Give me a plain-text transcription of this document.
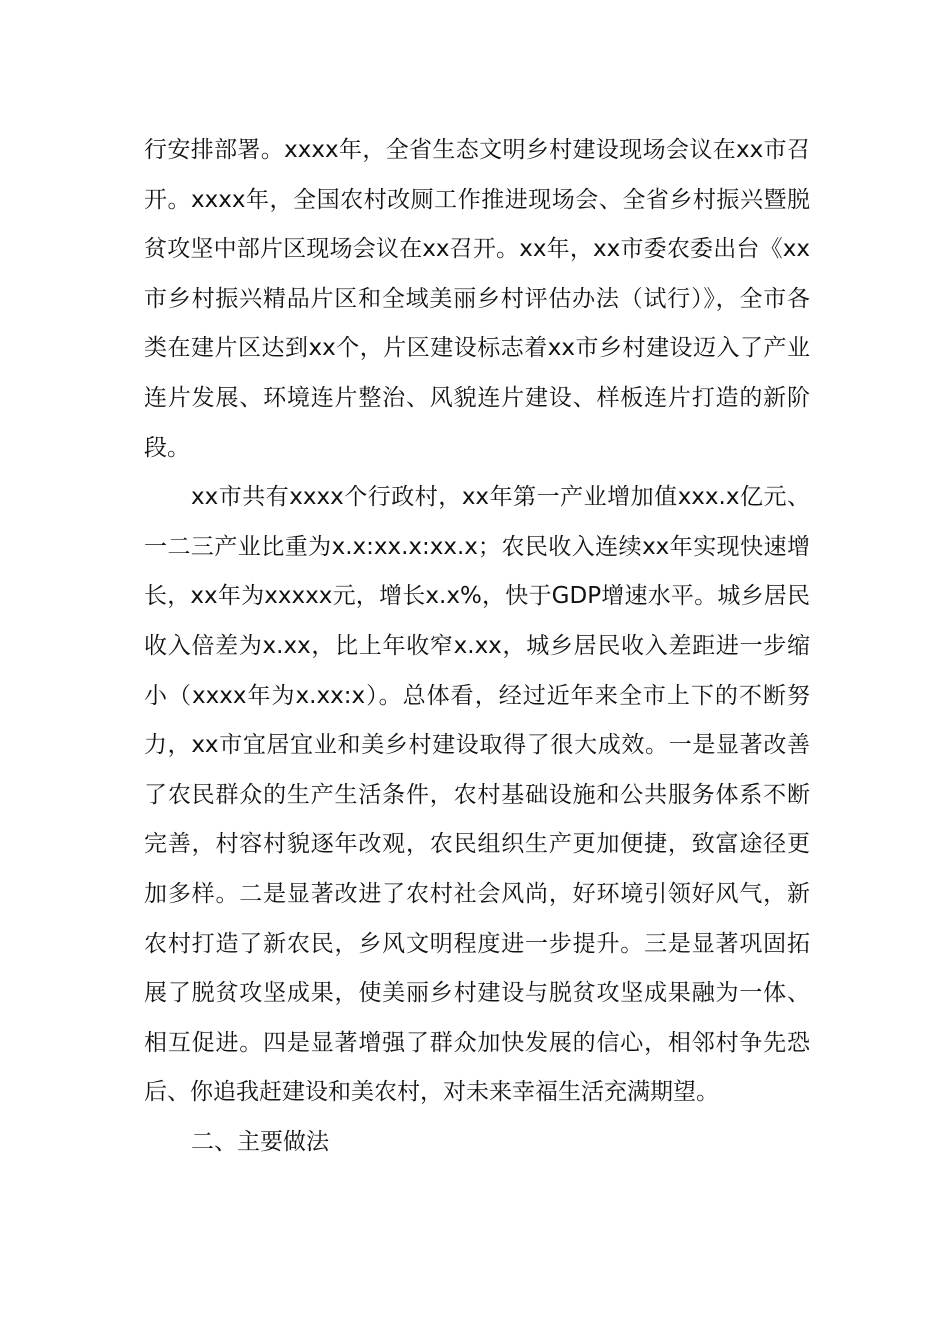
行安排部署。xxxx年，全省生态文明乡村建设现场会议在xx市召开。xxxx年，全国农村改厕工作推进现场会、全省乡村振兴暨脱贫攻坚中部片区现场会议在xx召开。xx年，xx市委农委出台《xx市乡村振兴精品片区和全域美丽乡村评估办法（试行）》，全市各类在建片区达到xx个，片区建设标志着xx市乡村建设迈入了产业连片发展、环境连片整治、风貌连片建设、样板连片打造的新阶段。

xx市共有xxxx个行政村，xx年第一产业增加值xxx.x亿元、一二三产业比重为x.x:xx.x:xx.x；农民收入连续xx年实现快速增长，xx年为xxxxx元，增长x.x%，快于GDP增速水平。城乡居民收入倍差为x.xx，比上年收窄x.xx，城乡居民收入差距进一步缩小（xxxx年为x.xx:x）。总体看，经过近年来全市上下的不断努力，xx市宜居宜业和美乡村建设取得了很大成效。一是显著改善了农民群众的生产生活条件，农村基础设施和公共服务体系不断完善，村容村貌逐年改观，农民组织生产更加便捷，致富途径更加多样。二是显著改进了农村社会风尚，好环境引领好风气，新农村打造了新农民，乡风文明程度进一步提升。三是显著巩固拓展了脱贫攻坚成果，使美丽乡村建设与脱贫攻坚成果融为一体、相互促进。四是显著增强了群众加快发展的信心，相邻村争先恐后、你追我赶建设和美农村，对未来幸福生活充满期望。

二、主要做法
